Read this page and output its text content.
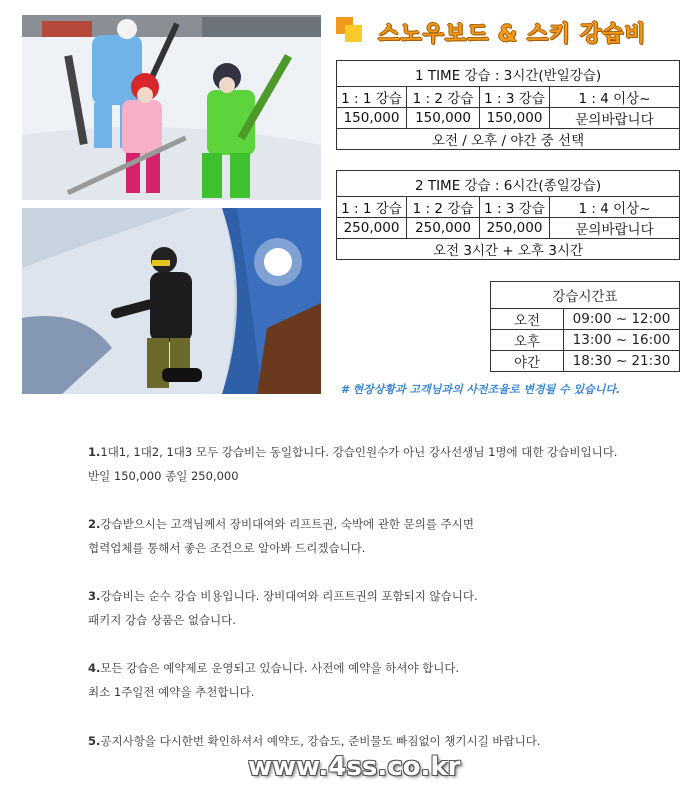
스노우보드 & 스키 강습비
1 TIME 강습 : 3시간(반일강습)			
1 : 1 강습	1 : 2 강습	1 : 3 강습	1 : 4 이상~
150,000	150,000	150,000	문의바랍니다
오전 / 오후 / 야간 중 선택			
2 TIME 강습 : 6시간(종일강습)			
1 : 1 강습	1 : 2 강습	1 : 3 강습	1 : 4 이상~
250,000	250,000	250,000	문의바랍니다
오전 3시간 + 오후 3시간			
강습시간표	
오전	09:00 ~ 12:00
오후	13:00 ~ 16:00
야간	18:30 ~ 21:30
# 현장상황과 고객님과의 사전조율로 변경될 수 있습니다.
1.1대1, 1대2, 1대3 모두 강습비는 동일합니다. 강습인원수가 아닌 강사선생님 1명에 대한 강습비입니다.
반일 150,000 종일 250,000
2.강습받으시는 고객님께서 장비대여와 리프트권, 숙박에 관한 문의를 주시면
협력업체를 통해서 좋은 조건으로 알아봐 드리겠습니다.
3.강습비는 순수 강습 비용입니다. 장비대여와 리프트권의 포함되지 않습니다.
패키지 강습 상품은 없습니다.
4.모든 강습은 예약제로 운영되고 있습니다. 사전에 예약을 하셔야 합니다.
최소 1주일전 예약을 추천합니다.
5.공지사항을 다시한번 확인하셔서 예약도, 강습도, 준비물도 빠짐없이 챙기시길 바랍니다.
www.4ss.co.kr
